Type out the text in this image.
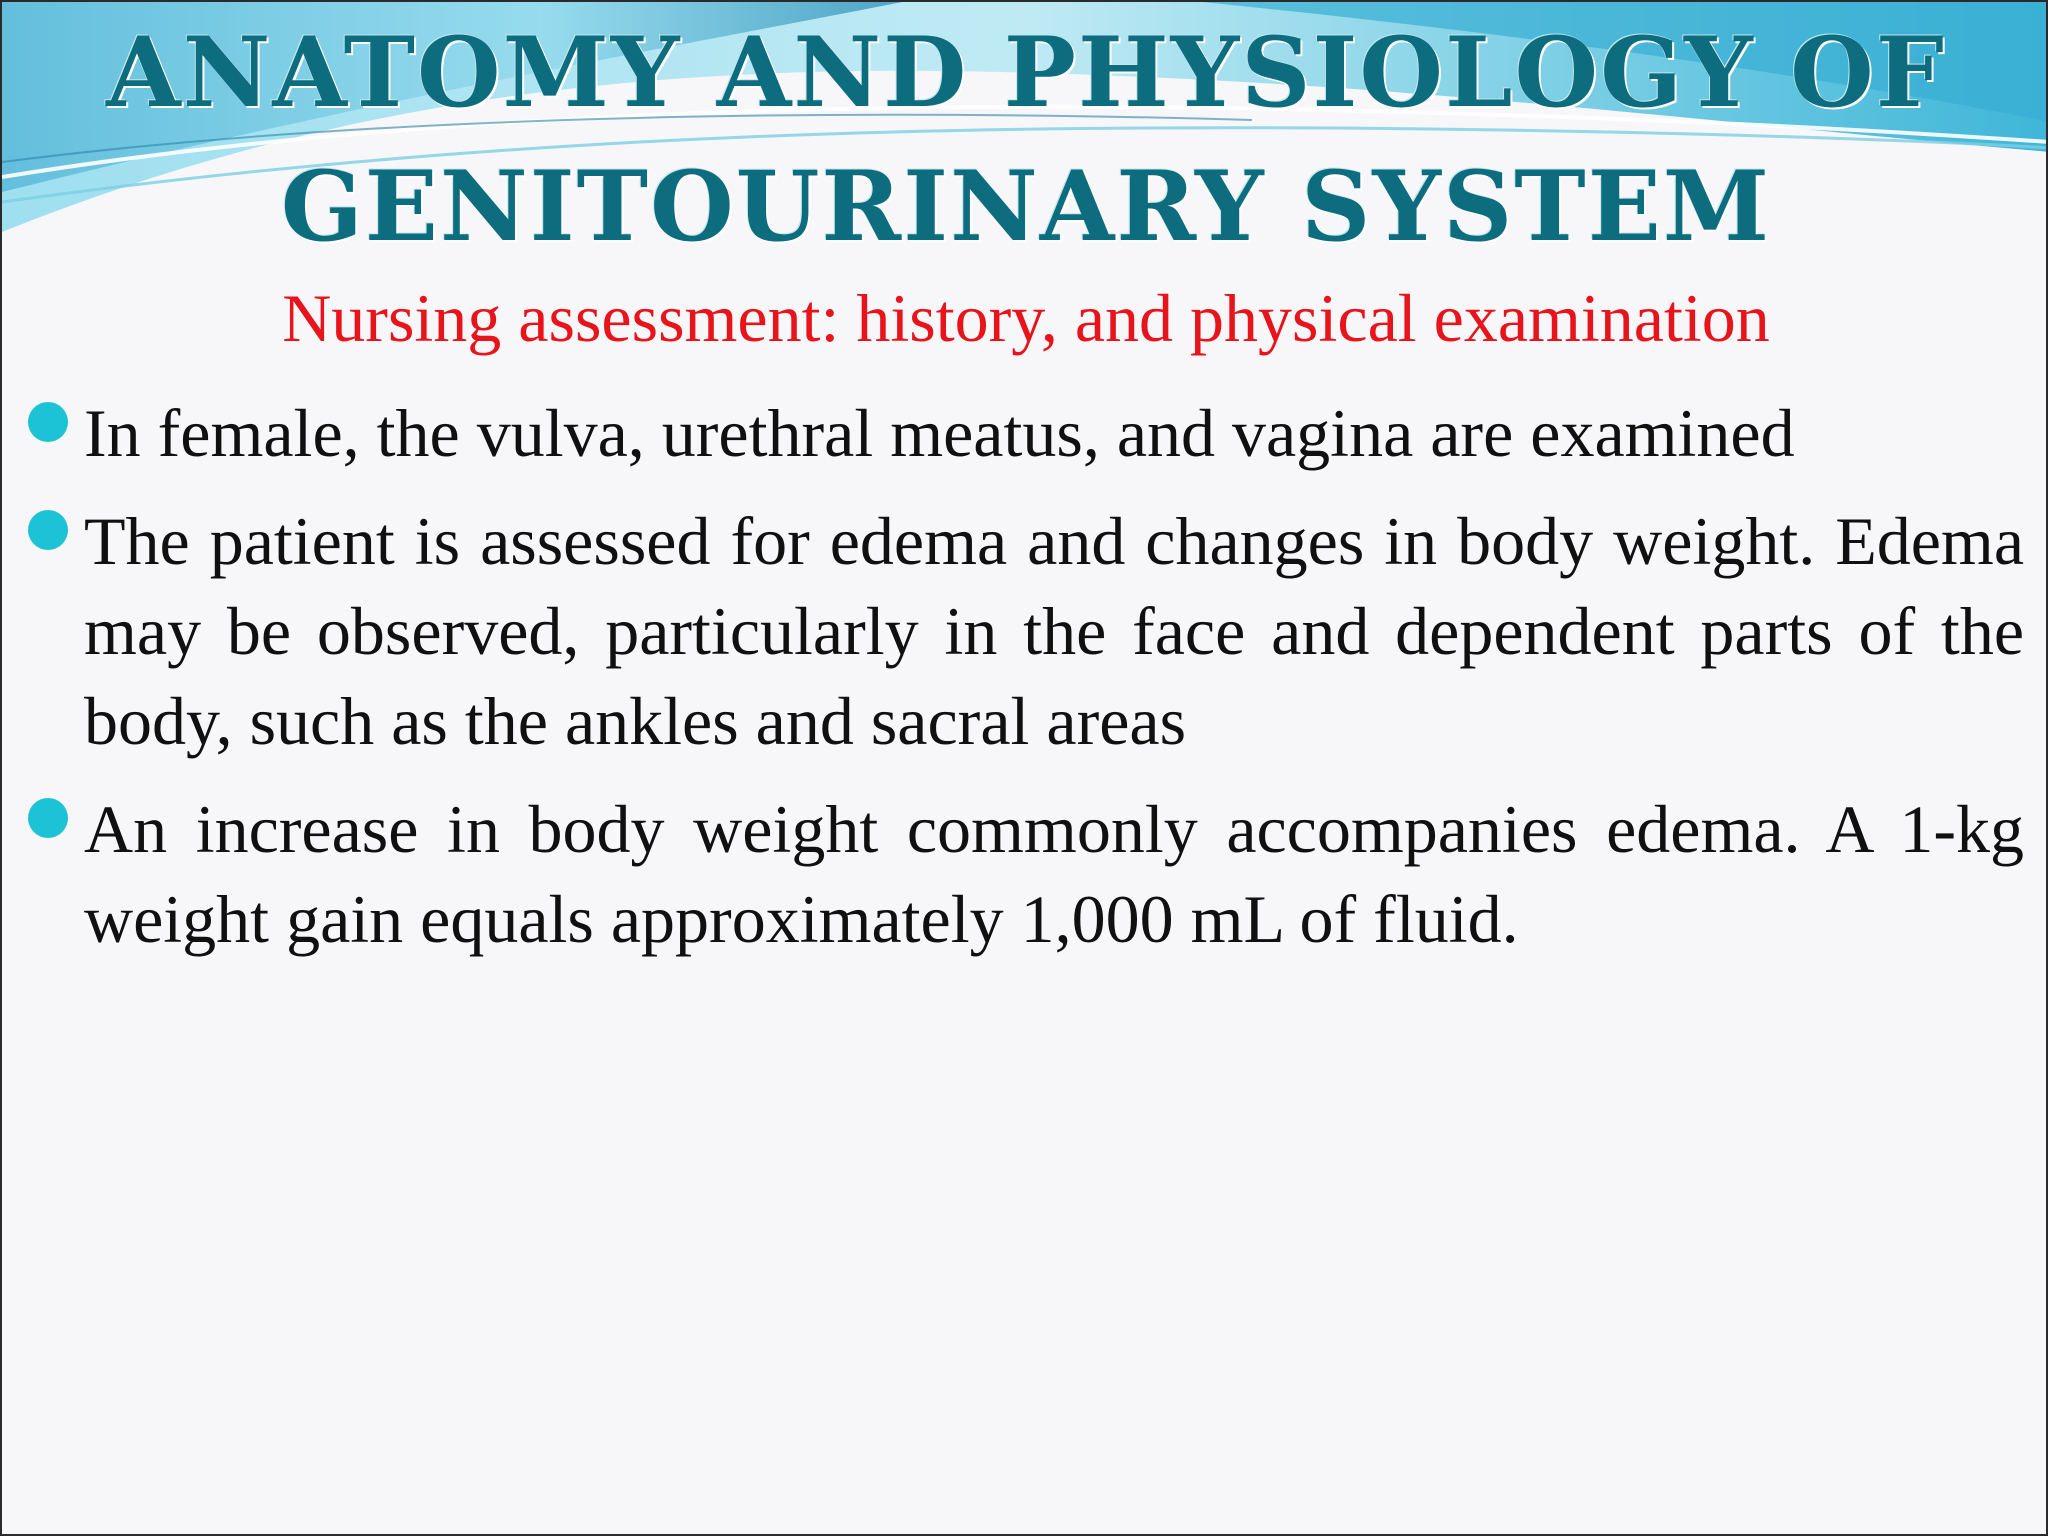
ANATOMY AND PHYSIOLOGY OF
GENITOURINARY SYSTEM

Nursing assessment: history, and physical examination

In female, the vulva, urethral meatus, and vagina are examined
The patient is assessed for edema and changes in body weight. Edema may be observed, particularly in the face and dependent parts of the body, such as the ankles and sacral areas
An increase in body weight commonly accompanies edema. A 1-kg weight gain equals approximately 1,000 mL of fluid.
